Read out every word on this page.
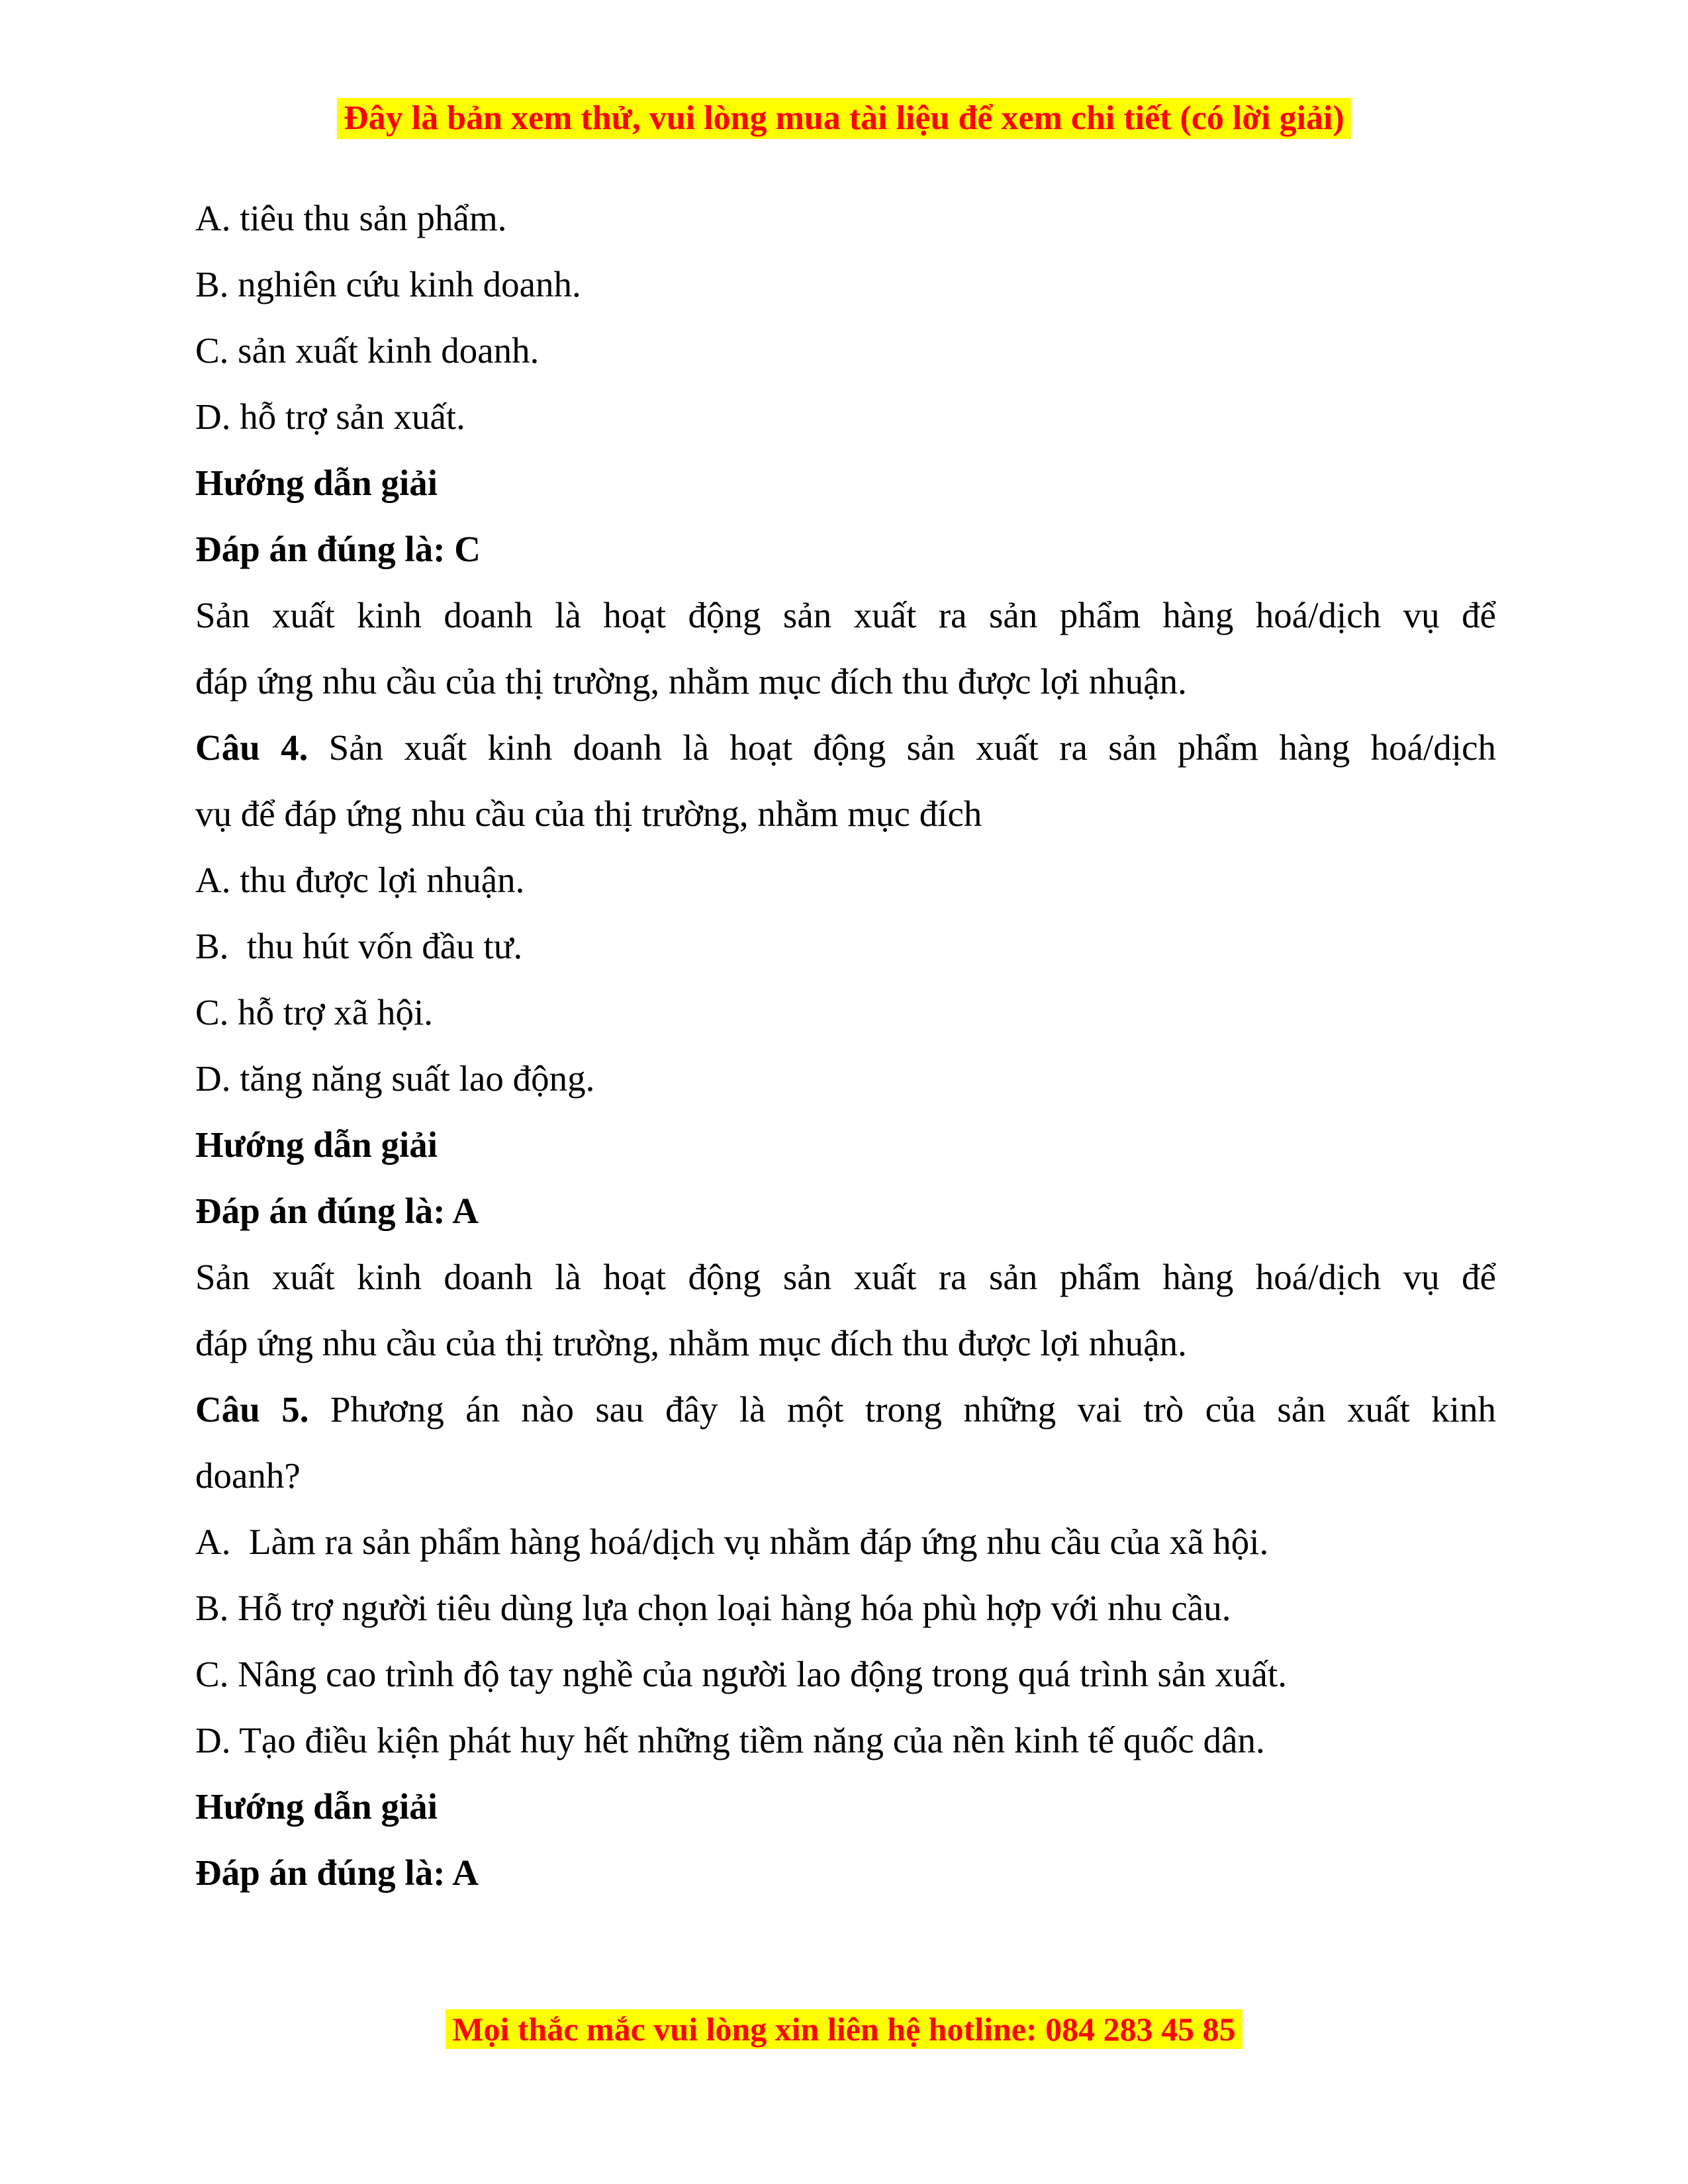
Đây là bản xem thử, vui lòng mua tài liệu để xem chi tiết (có lời giải)
A. tiêu thu sản phẩm.
B. nghiên cứu kinh doanh.
C. sản xuất kinh doanh.
D. hỗ trợ sản xuất.
Hướng dẫn giải
Đáp án đúng là: C
Sản xuất kinh doanh là hoạt động sản xuất ra sản phẩm hàng hoá/dịch vụ để
đáp ứng nhu cầu của thị trường, nhằm mục đích thu được lợi nhuận.
Câu 4. Sản xuất kinh doanh là hoạt động sản xuất ra sản phẩm hàng hoá/dịch
vụ để đáp ứng nhu cầu của thị trường, nhằm mục đích
A. thu được lợi nhuận.
B.  thu hút vốn đầu tư.
C. hỗ trợ xã hội.
D. tăng năng suất lao động.
Hướng dẫn giải
Đáp án đúng là: A
Sản xuất kinh doanh là hoạt động sản xuất ra sản phẩm hàng hoá/dịch vụ để
đáp ứng nhu cầu của thị trường, nhằm mục đích thu được lợi nhuận.
Câu 5. Phương án nào sau đây là một trong những vai trò của sản xuất kinh
doanh?
A.  Làm ra sản phẩm hàng hoá/dịch vụ nhằm đáp ứng nhu cầu của xã hội.
B. Hỗ trợ người tiêu dùng lựa chọn loại hàng hóa phù hợp với nhu cầu.
C. Nâng cao trình độ tay nghề của người lao động trong quá trình sản xuất.
D. Tạo điều kiện phát huy hết những tiềm năng của nền kinh tế quốc dân.
Hướng dẫn giải
Đáp án đúng là: A
Mọi thắc mắc vui lòng xin liên hệ hotline: 084 283 45 85
